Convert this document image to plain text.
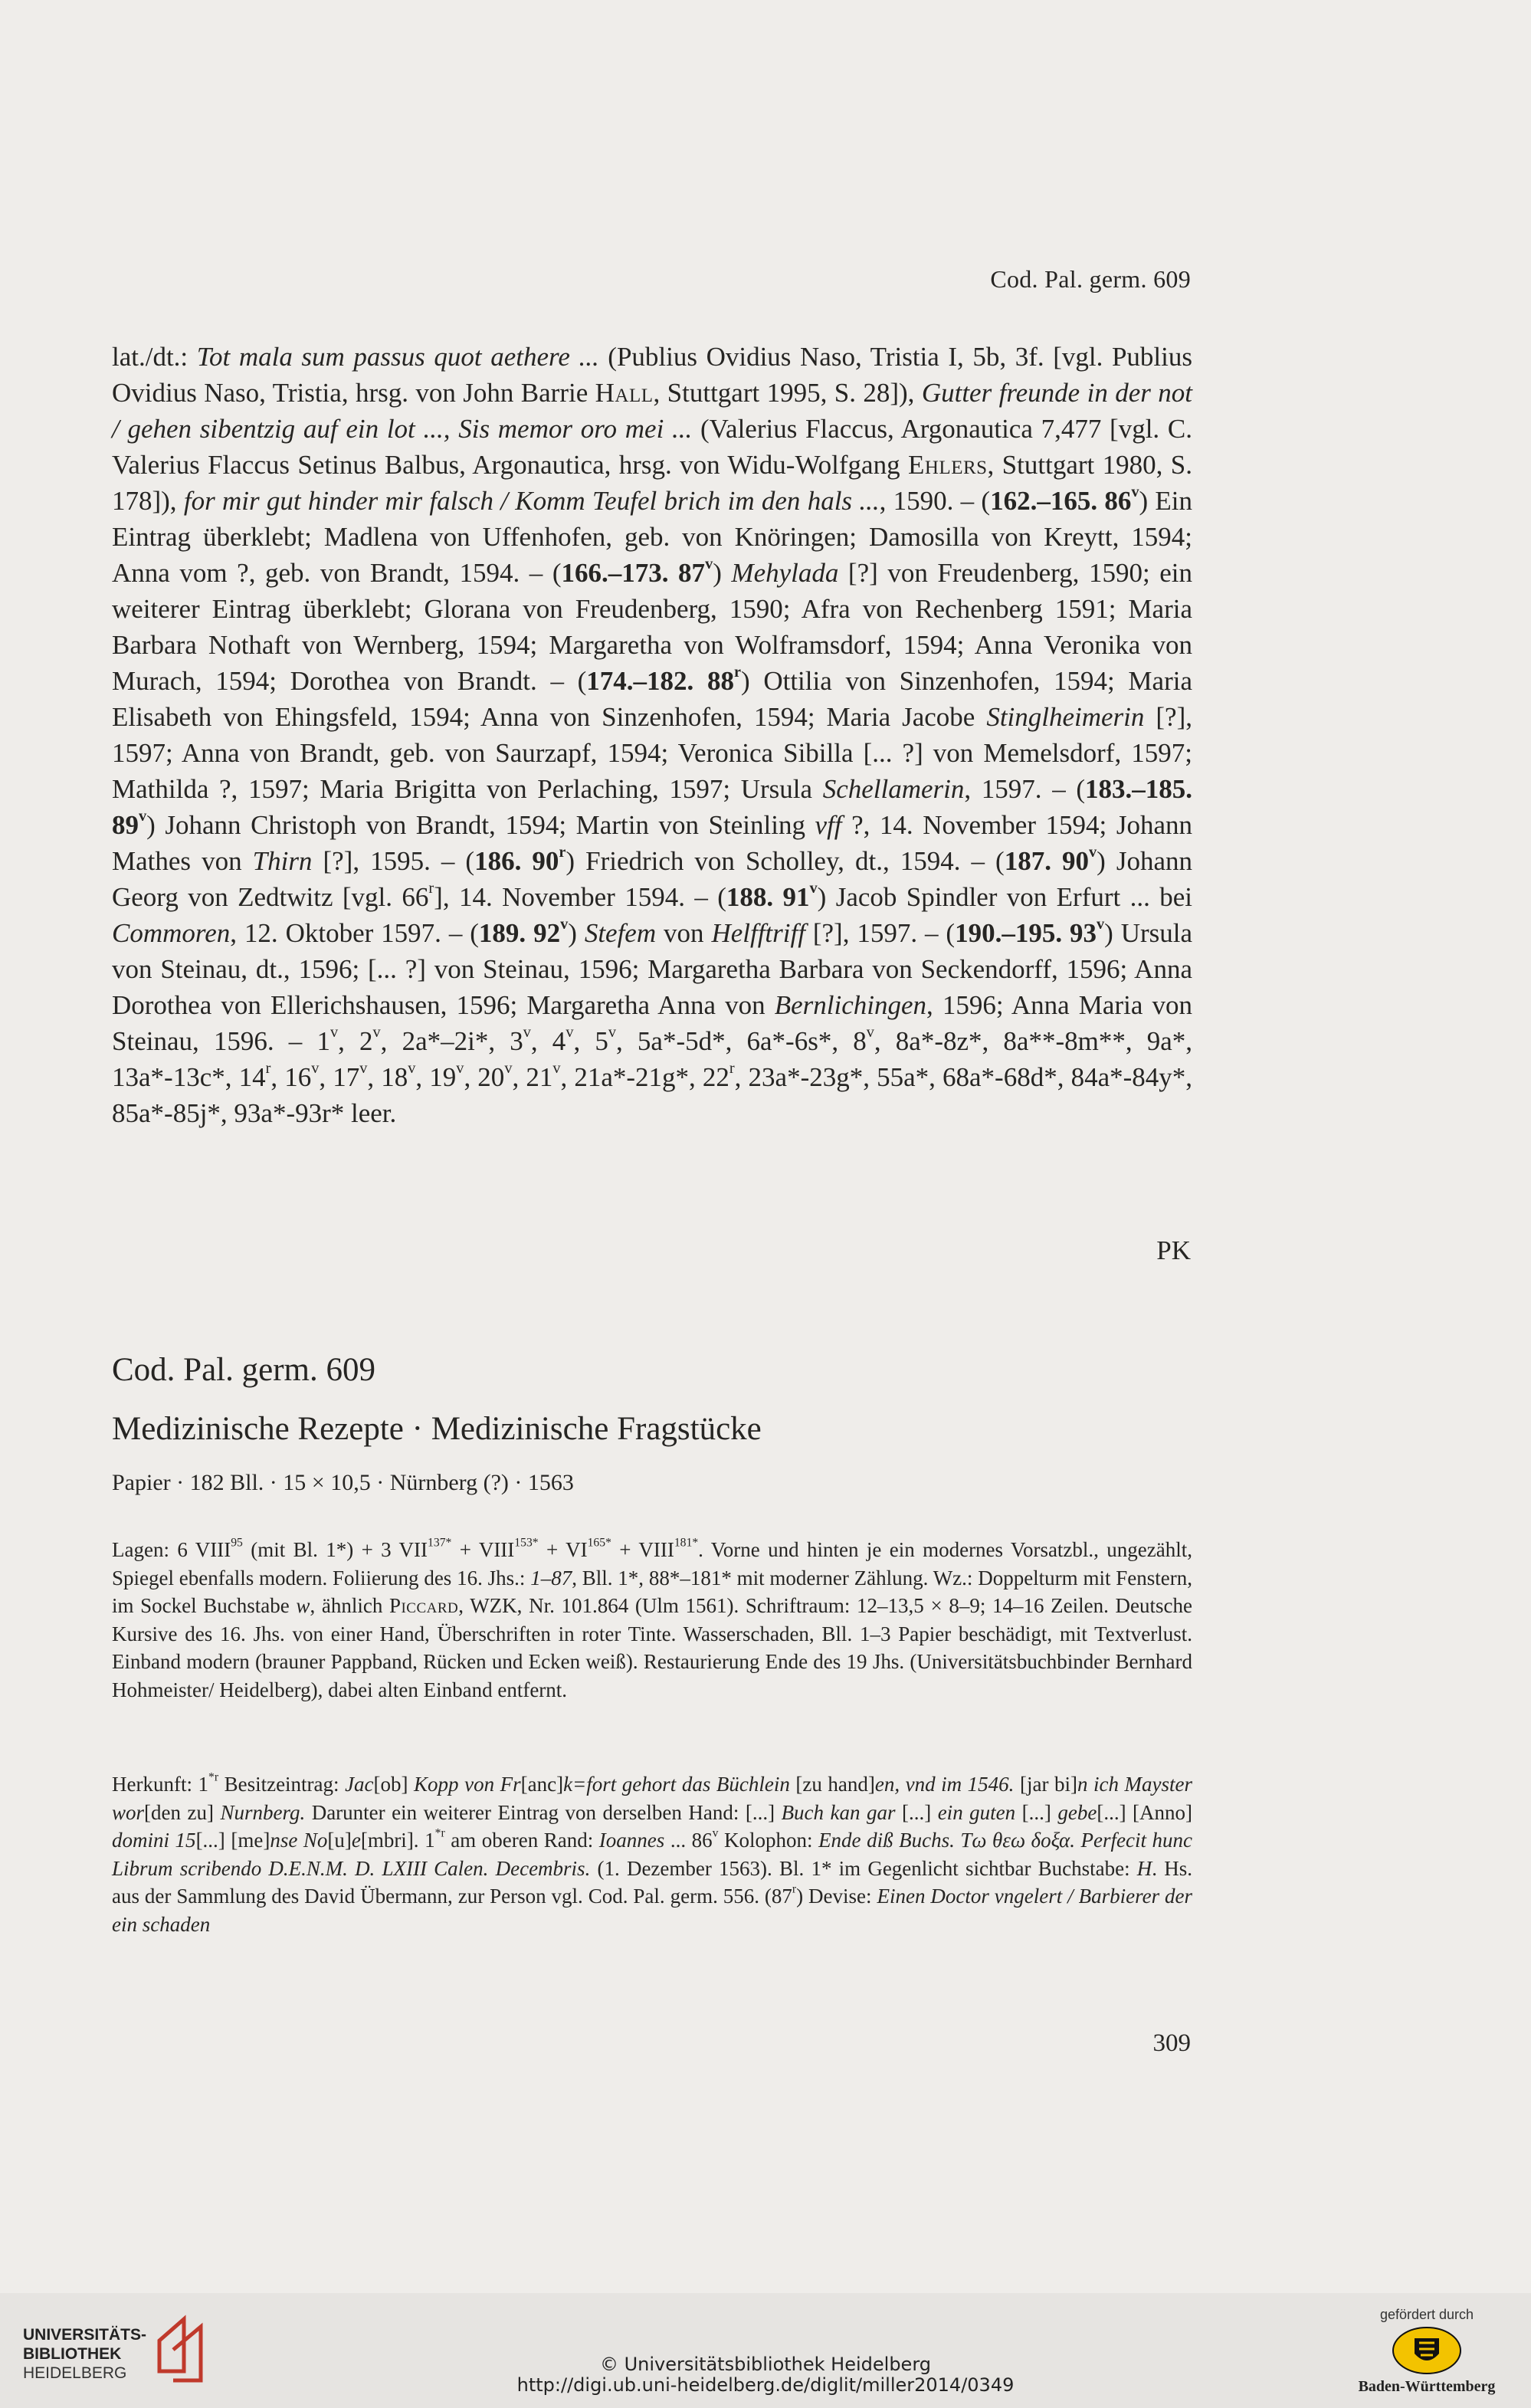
Cod. Pal. germ. 609

lat./dt.: Tot mala sum passus quot aethere ... (Publius Ovidius Naso, Tristia I, 5b, 3f. [vgl. Publius Ovidius Naso, Tristia, hrsg. von John Barrie Hall, Stuttgart 1995, S. 28]), Gutter freunde in der not / gehen sibentzig auf ein lot ..., Sis memor oro mei ... (Valerius Flaccus, Argonautica 7,477 [vgl. C. Valerius Flaccus Setinus Balbus, Argonautica, hrsg. von Widu-Wolfgang Ehlers, Stuttgart 1980, S. 178]), for mir gut hinder mir falsch / Komm Teufel brich im den hals ..., 1590. – (162.–165. 86$^v$) Ein Eintrag überklebt; Madlena von Uffenhofen, geb. von Knöringen; Damosilla von Kreytt, 1594; Anna vom ?, geb. von Brandt, 1594. – (166.–173. 87$^v$) Mehylada [?] von Freudenberg, 1590; ein weiterer Eintrag überklebt; Glorana von Freudenberg, 1590; Afra von Rechenberg 1591; Maria Barbara Nothaft von Wernberg, 1594; Margaretha von Wolframsdorf, 1594; Anna Veronika von Murach, 1594; Dorothea von Brandt. – (174.–182. 88$^r$) Ottilia von Sinzenhofen, 1594; Maria Elisabeth von Ehingsfeld, 1594; Anna von Sinzenhofen, 1594; Maria Jacobe Stinglheimerin [?], 1597; Anna von Brandt, geb. von Saurzapf, 1594; Veronica Sibilla [... ?] von Memelsdorf, 1597; Mathilda ?, 1597; Maria Brigitta von Perlaching, 1597; Ursula Schellamerin, 1597. – (183.–185. 89$^v$) Johann Christoph von Brandt, 1594; Martin von Steinling vff ?, 14. November 1594; Johann Mathes von Thirn [?], 1595. – (186. 90$^r$) Friedrich von Scholley, dt., 1594. – (187. 90$^v$) Johann Georg von Zedtwitz [vgl. 66$^r$], 14. November 1594. – (188. 91$^v$) Jacob Spindler von Erfurt ... bei Commoren, 12. Oktober 1597. – (189. 92$^v$) Stefem von Helfftriff [?], 1597. – (190.–195. 93$^v$) Ursula von Steinau, dt., 1596; [... ?] von Steinau, 1596; Margaretha Barbara von Seckendorff, 1596; Anna Dorothea von Ellerichshausen, 1596; Margaretha Anna von Bernlichingen, 1596; Anna Maria von Steinau, 1596. – 1$^v$, 2$^v$, 2a*–2i*, 3$^v$, 4$^v$, 5$^v$, 5a*-5d*, 6a*-6s*, 8$^v$, 8a*-8z*, 8a**-8m**, 9a*, 13a*-13c*, 14$^r$, 16$^v$, 17$^v$, 18$^v$, 19$^v$, 20$^v$, 21$^v$, 21a*-21g*, 22$^r$, 23a*-23g*, 55a*, 68a*-68d*, 84a*-84y*, 85a*-85j*, 93a*-93r* leer.

PK
Cod. Pal. germ. 609
Medizinische Rezepte · Medizinische Fragstücke
Papier · 182 Bll. · 15 × 10,5 · Nürnberg (?) · 1563

Lagen: 6 VIII$^{95}$ (mit Bl. 1*) + 3 $VII^{137*}$ + $VIII^{153*} + VI^{165*}$ + $VIII^{181*}$. Vorne und hinten je ein modernes Vorsatzbl., ungezählt, Spiegel ebenfalls modern. Foliierung des 16. Jhs.: 1–87, Bll. 1*, 88*–181* mit moderner Zählung. Wz.: Doppelturm mit Fenstern, im Sockel Buchstabe w, ähnlich Piccard, WZK, Nr. 101.864 (Ulm 1561). Schriftraum: 12–13,5 × 8–9; 14–16 Zeilen. Deutsche Kursive des 16. Jhs. von einer Hand, Überschriften in roter Tinte. Wasserschaden, Bll. 1–3 Papier beschädigt, mit Textverlust. Einband modern (brauner Pappband, Rücken und Ecken weiß). Restaurierung Ende des 19 Jhs. (Universitätsbuchbinder Bernhard Hohmeister/ Heidelberg), dabei alten Einband entfernt.

Herkunft: 1$^{*r}$ Besitzeintrag: Jac[ob] Kopp von Fr[anc]k=fort gehort das Büchlein [zu hand]en, vnd im 1546. [jar bi]n ich Mayster wor[den zu] Nurnberg. Darunter ein weiterer Eintrag von derselben Hand: [...] Buch kan gar [...] ein guten [...] gebe[...] [Anno] domini 15[...] [me]nse No[u]e[mbri]. 1$^{*r}$ am oberen Rand: Ioannes ... 86$^v$ Kolophon: Ende diß Buchs. Τω θεω δοξα. Perfecit hunc Librum scribendo D.E.N.M. D. LXIII Calen. Decembris. (1. Dezember 1563). Bl. 1* im Gegenlicht sichtbar Buchstabe: H. Hs. aus der Sammlung des David Übermann, zur Person vgl. Cod. Pal. germ. 556. (87$^r$) Devise: Einen Doctor vngelert / Barbierer der ein schaden

309
UNIVERSITÄTS-
BIBLIOTHEK
HEIDELBERG	© Universitätsbibliothek Heidelberg
http://digi.ub.uni-heidelberg.de/diglit/miller2014/0349
gefördert durch
Baden-Württemberg
